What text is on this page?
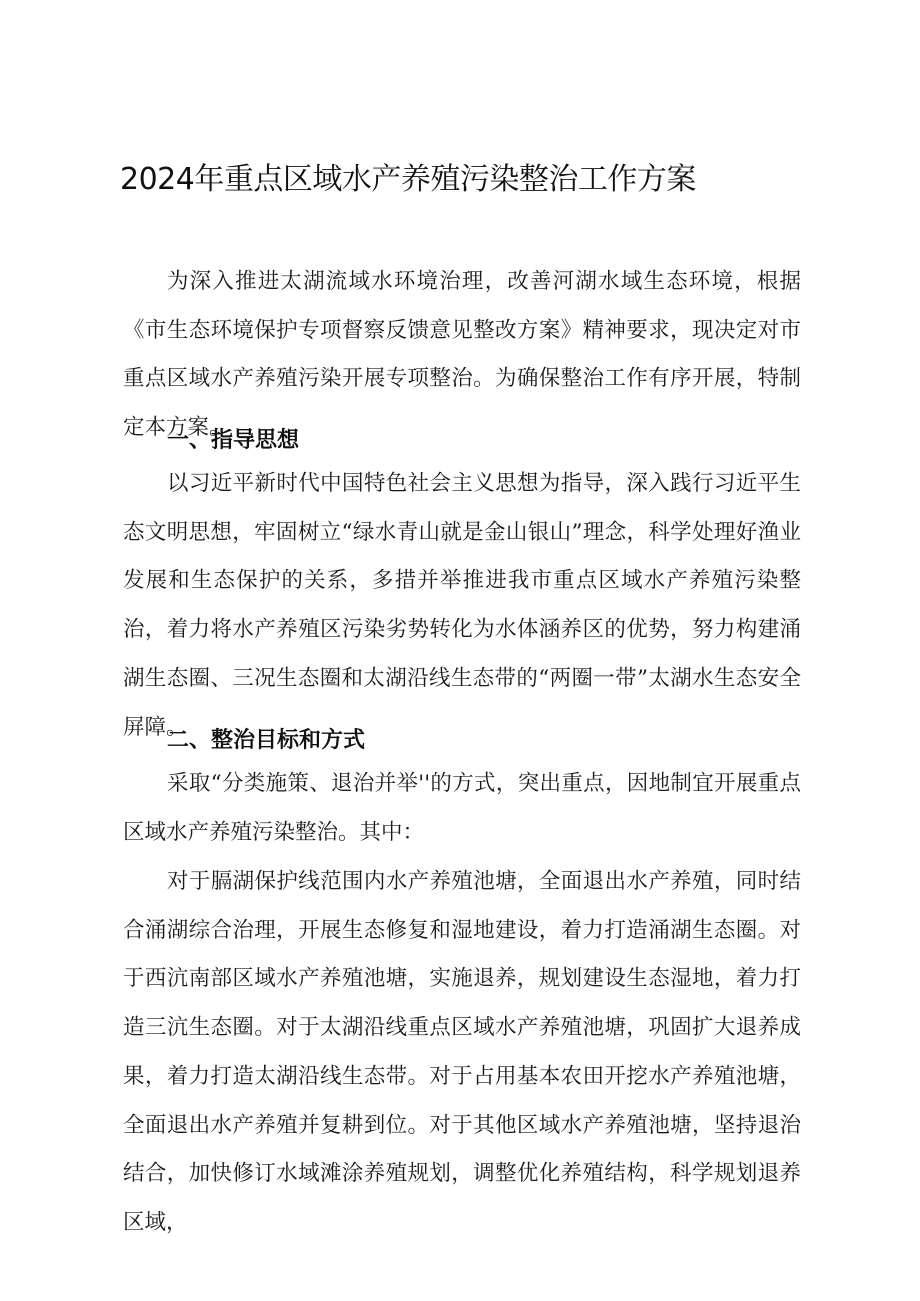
2024年重点区域水产养殖污染整治工作方案

为深入推进太湖流域水环境治理，改善河湖水域生态环境，根据《市生态环境保护专项督察反馈意见整改方案》精神要求，现决定对市重点区域水产养殖污染开展专项整治。为确保整治工作有序开展，特制定本方案。

一、指导思想

以习近平新时代中国特色社会主义思想为指导，深入践行习近平生态文明思想，牢固树立“绿水青山就是金山银山”理念，科学处理好渔业发展和生态保护的关系，多措并举推进我市重点区域水产养殖污染整治，着力将水产养殖区污染劣势转化为水体涵养区的优势，努力构建涌湖生态圈、三况生态圈和太湖沿线生态带的“两圈一带”太湖水生态安全屏障。

二、整治目标和方式

采取“分类施策、退治并举''的方式，突出重点，因地制宜开展重点区域水产养殖污染整治。其中：

对于膈湖保护线范围内水产养殖池塘，全面退出水产养殖，同时结合涌湖综合治理，开展生态修复和湿地建设，着力打造涌湖生态圈。对于西沆南部区域水产养殖池塘，实施退养，规划建设生态湿地，着力打造三沆生态圈。对于太湖沿线重点区域水产养殖池塘，巩固扩大退养成果，着力打造太湖沿线生态带。对于占用基本农田开挖水产养殖池塘，全面退出水产养殖并复耕到位。对于其他区域水产养殖池塘，坚持退治结合，加快修订水域滩涂养殖规划，调整优化养殖结构，科学规划退养区域，
